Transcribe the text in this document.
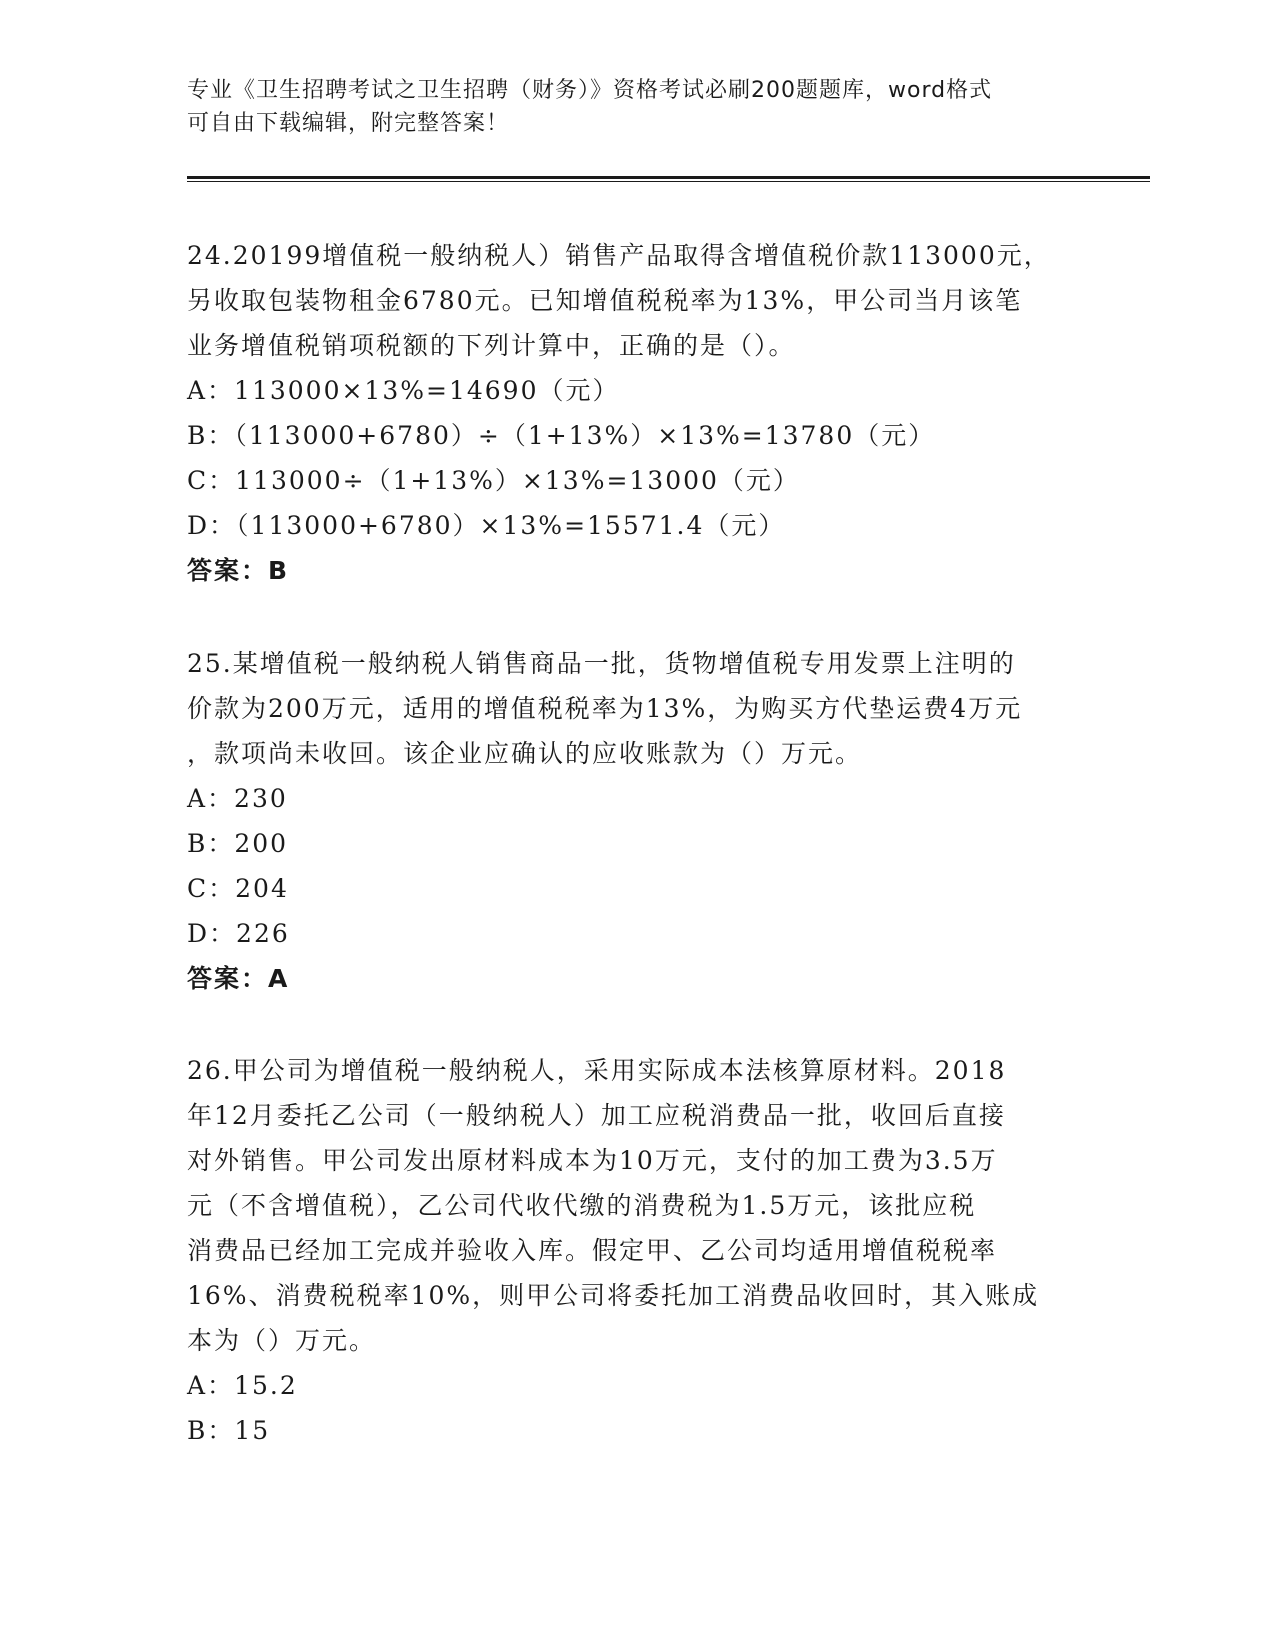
专业《卫生招聘考试之卫生招聘（财务）》资格考试必刷200题题库，word格式

可自由下载编辑，附完整答案！

24.20199增值税一般纳税人）销售产品取得含增值税价款113000元，

另收取包装物租金6780元。已知增值税税率为13%，甲公司当月该笔

业务增值税销项税额的下列计算中，正确的是（）。

A：113000×13%=14690（元）

B：（113000+6780）÷（1+13%）×13%=13780（元）

C：113000÷（1+13%）×13%=13000（元）

D：（113000+6780）×13%=15571.4（元）

答案：B

25.某增值税一般纳税人销售商品一批，货物增值税专用发票上注明的

价款为200万元，适用的增值税税率为13%，为购买方代垫运费4万元

，款项尚未收回。该企业应确认的应收账款为（）万元。

A：230

B：200

C：204

D：226

答案：A

26.甲公司为增值税一般纳税人，采用实际成本法核算原材料。2018

年12月委托乙公司（一般纳税人）加工应税消费品一批，收回后直接

对外销售。甲公司发出原材料成本为10万元，支付的加工费为3.5万

元（不含增值税），乙公司代收代缴的消费税为1.5万元，该批应税

消费品已经加工完成并验收入库。假定甲、乙公司均适用增值税税率

16%、消费税税率10%，则甲公司将委托加工消费品收回时，其入账成

本为（）万元。

A：15.2

B：15
